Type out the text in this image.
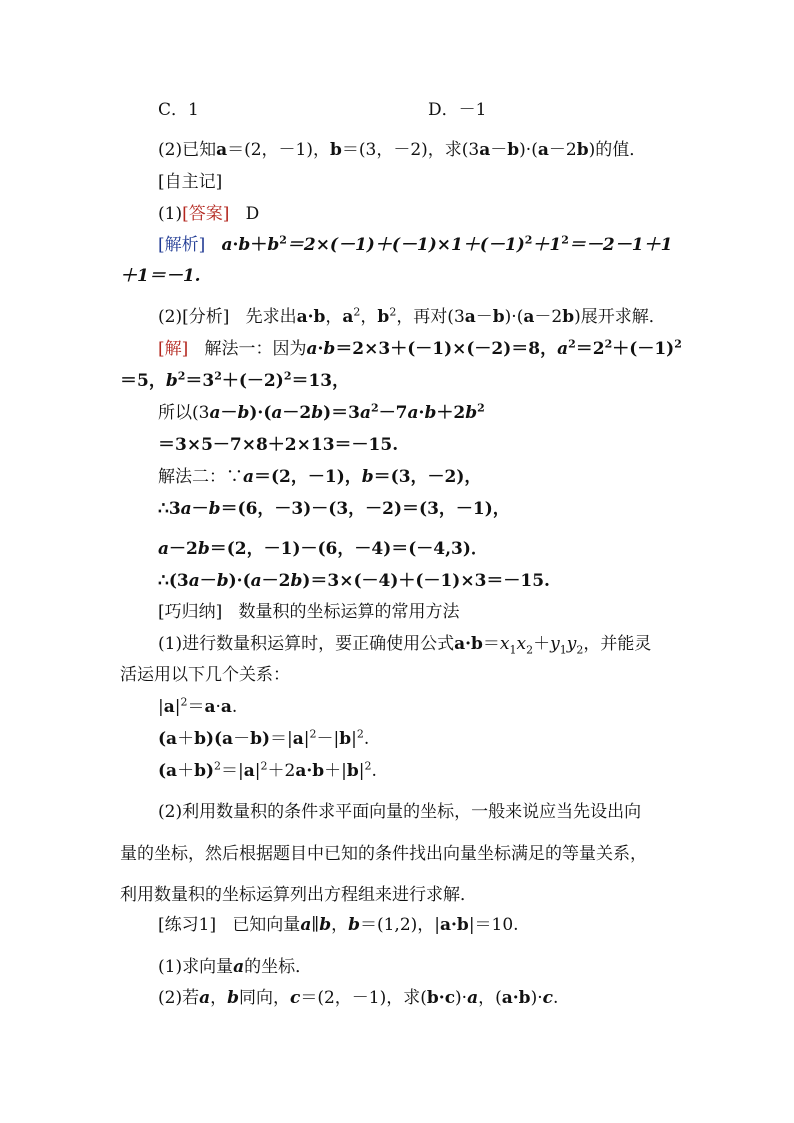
C．1	D．－1
(2)已知a＝(2，－1)，b＝(3，－2)，求(3a－b)·(a－2b)的值．
[自主记]
(1)[答案] D
[解析] $a\cdot b+b^2=2\times(-1)+(-1)\times 1+(-1)^2+1^2=-2-1+1$
＋1＝－1.
(2)[分析] 先求出a·b，$a^2$，$b^2$，再对(3a－b)·(a－2b)展开求解．
[解] 解法一：因为a·b＝2×3＋(－1)×(－2)＝8，$a^2=2^2+(-1)^2$
＝5，$b^2=3^2+(-2)^2=13$，
所以$(3a-b)\cdot(a-2b)=3a^2-7a\cdot b+2b^2$
＝3×5－7×8＋2×13＝－15.
解法二：∵a＝(2，－1)，b＝(3，－2)，
∴3a－b＝(6，－3)－(3，－2)＝(3，－1)，
a－2b＝(2，－1)－(6，－4)＝(－4,3)．
∴(3a－b)·(a－2b)＝3×(－4)＋(－1)×3＝－15.
[巧归纳] 数量积的坐标运算的常用方法
(1)进行数量积运算时，要正确使用公式$a\cdot b=x_1x_2+y_1y_2$，并能灵
活运用以下几个关系：
$|a|^2=a\cdot a$.
$(a+b)(a-b)=|a|^2-|b|^2$.
$(a+b)^2=|a|^2+2a\cdot b+|b|^2$.
(2)利用数量积的条件求平面向量的坐标，一般来说应当先设出向
量的坐标，然后根据题目中已知的条件找出向量坐标满足的等量关系，
利用数量积的坐标运算列出方程组来进行求解．
[练习1] 已知向量a∥b，b＝(1,2)，|a·b|＝10.
(1)求向量a的坐标．
(2)若a，b同向，c＝(2，－1)，求(b·c)·a，(a·b)·c.
